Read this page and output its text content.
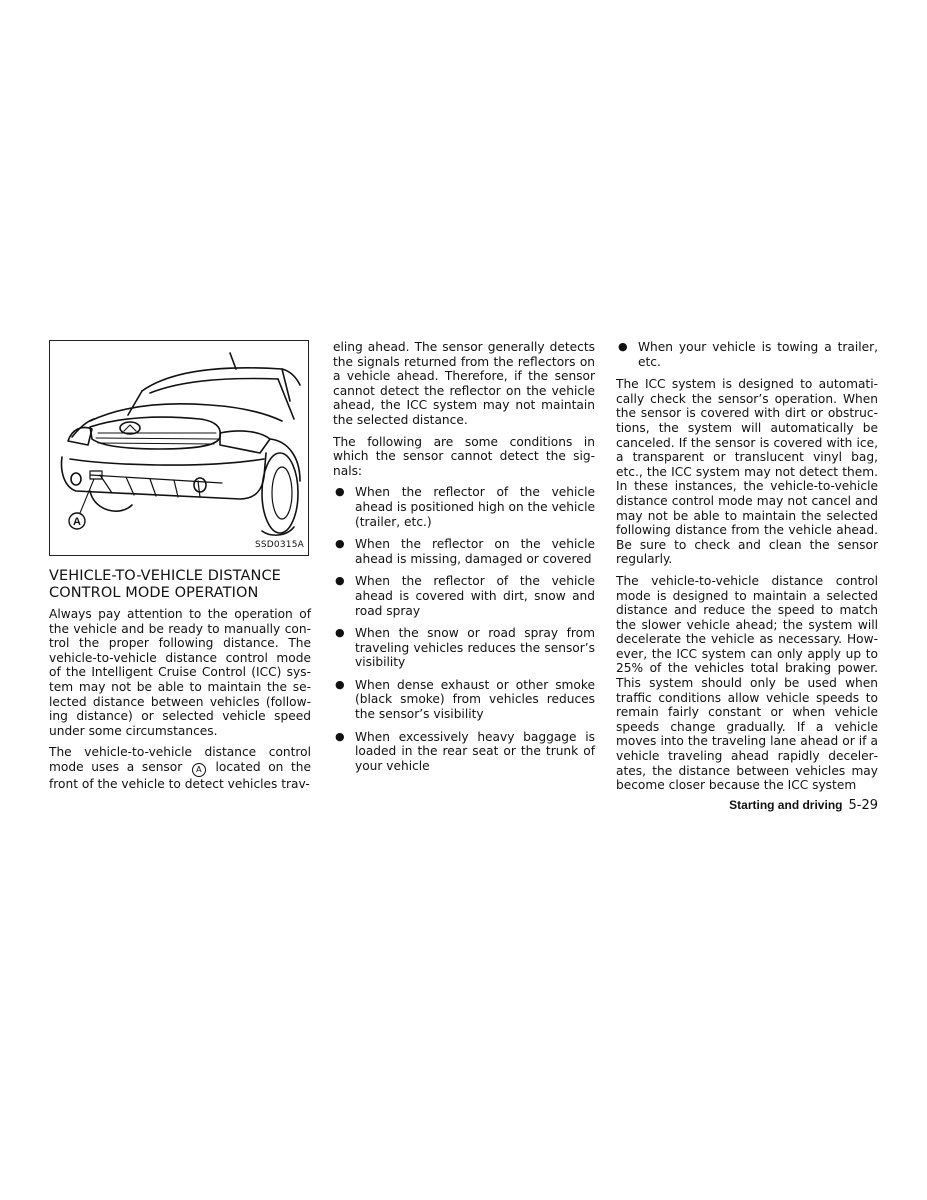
A
SSD0315A
VEHICLE-TO-VEHICLE DISTANCE
CONTROL MODE OPERATION

Always pay attention to the operation of the vehicle and be ready to manually control the proper following distance. The vehicle-to-vehicle distance control mode of the Intelligent Cruise Control (ICC) system may not be able to maintain the selected distance between vehicles (following distance) or selected vehicle speed under some circumstances.

The vehicle-to-vehicle distance control mode uses a sensor A located on the front of the vehicle to detect vehicles trav-

eling ahead. The sensor generally detects the signals returned from the reflectors on a vehicle ahead. Therefore, if the sensor cannot detect the reflector on the vehicle ahead, the ICC system may not maintain the selected distance.

The following are some conditions in which the sensor cannot detect the signals:

● When the reflector of the vehicle ahead is positioned high on the vehicle (trailer, etc.)
● When the reflector on the vehicle ahead is missing, damaged or covered
● When the reflector of the vehicle ahead is covered with dirt, snow and road spray
● When the snow or road spray from traveling vehicles reduces the sensor’s visibility
● When dense exhaust or other smoke (black smoke) from vehicles reduces the sensor’s visibility
● When excessively heavy baggage is loaded in the rear seat or the trunk of your vehicle
● When your vehicle is towing a trailer, etc.

The ICC system is designed to automatically check the sensor’s operation. When the sensor is covered with dirt or obstructions, the system will automatically be canceled. If the sensor is covered with ice, a transparent or translucent vinyl bag, etc., the ICC system may not detect them. In these instances, the vehicle-to-vehicle distance control mode may not cancel and may not be able to maintain the selected following distance from the vehicle ahead. Be sure to check and clean the sensor regularly.

The vehicle-to-vehicle distance control mode is designed to maintain a selected distance and reduce the speed to match the slower vehicle ahead; the system will decelerate the vehicle as necessary. However, the ICC system can only apply up to 25% of the vehicles total braking power. This system should only be used when traffic conditions allow vehicle speeds to remain fairly constant or when vehicle speeds change gradually. If a vehicle moves into the traveling lane ahead or if a vehicle traveling ahead rapidly decelerates, the distance between vehicles may become closer because the ICC system

Starting and driving 5-29
